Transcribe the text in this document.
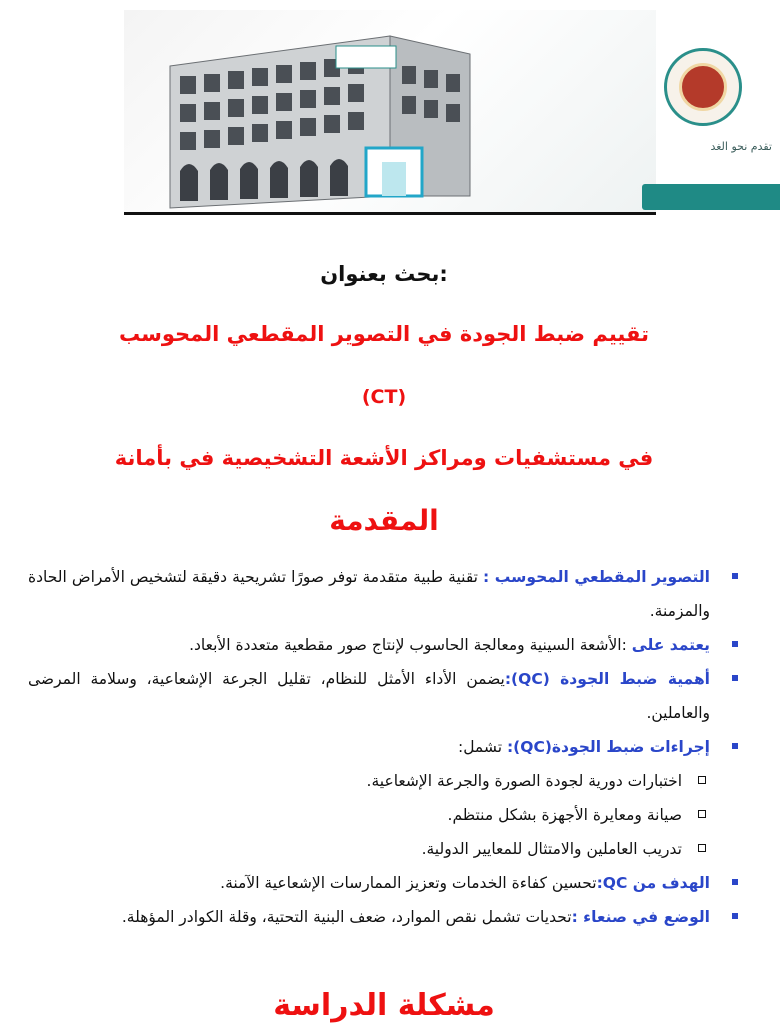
تقدم نحو الغد
بحث بعنوان:
تقييم ضبط الجودة في التصوير المقطعي المحوسب
(CT)
في مستشفيات ومراكز الأشعة التشخيصية في بأمانة
المقدمة
التصوير المقطعي المحوسب : تقنية طبية متقدمة توفر صورًا تشريحية دقيقة لتشخيص الأمراض الحادة والمزمنة.
يعتمد على :الأشعة السينية ومعالجة الحاسوب لإنتاج صور مقطعية متعددة الأبعاد.
أهمية ضبط الجودة (QC):يضمن الأداء الأمثل للنظام، تقليل الجرعة الإشعاعية، وسلامة المرضى والعاملين.
إجراءات ضبط الجودة(QC): تشمل:
اختبارات دورية لجودة الصورة والجرعة الإشعاعية.
صيانة ومعايرة الأجهزة بشكل منتظم.
تدريب العاملين والامتثال للمعايير الدولية.
الهدف من QC:تحسين كفاءة الخدمات وتعزيز الممارسات الإشعاعية الآمنة.
الوضع في صنعاء :تحديات تشمل نقص الموارد، ضعف البنية التحتية، وقلة الكوادر المؤهلة.
مشكلة الدراسة
